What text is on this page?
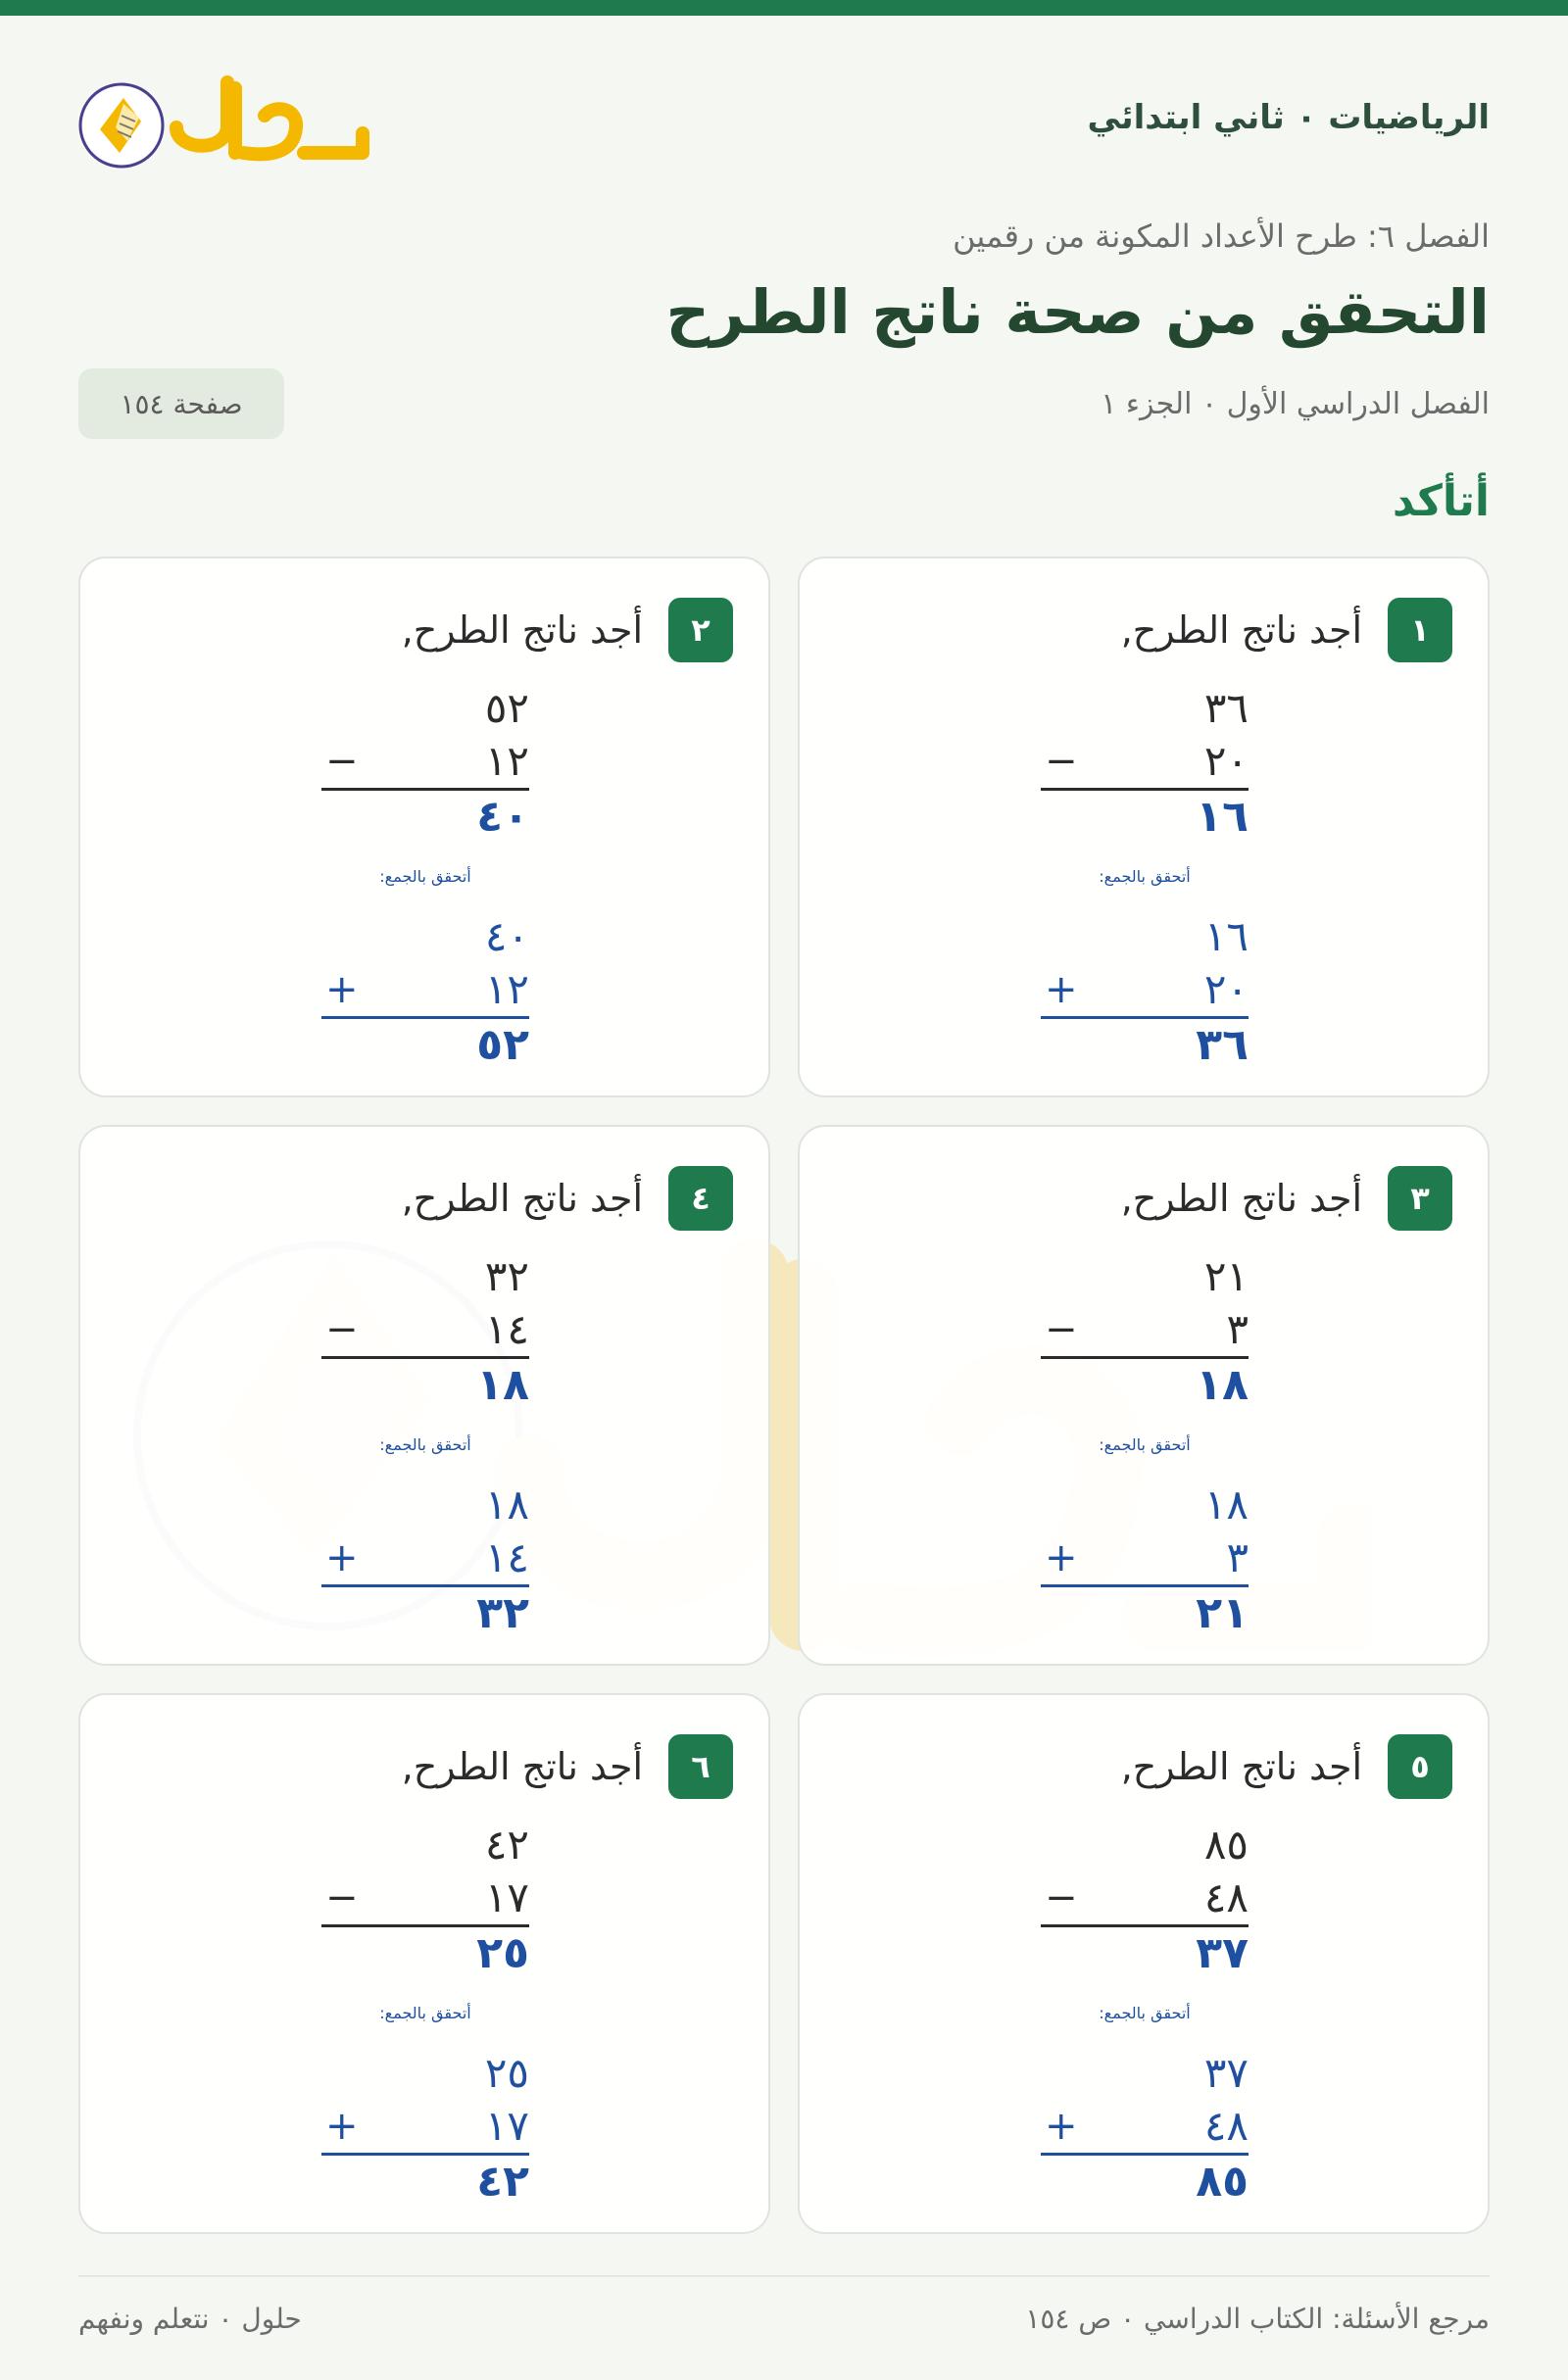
الرياضيات ٠ ثاني ابتدائي
الفصل ٦: طرح الأعداد المكونة من رقمين
التحقق من صحة ناتج الطرح
الفصل الدراسي الأول ٠ الجزء ١
صفحة ١٥٤
أتأكد
١
أجد ناتج الطرح,
٣٦
٢٠
−
١٦
أتحقق بالجمع:
١٦
٢٠
+
٣٦
٢
أجد ناتج الطرح,
٥٢
١٢
−
٤٠
أتحقق بالجمع:
٤٠
١٢
+
٥٢
٣
أجد ناتج الطرح,
٢١
٣
−
١٨
أتحقق بالجمع:
١٨
٣
+
٢١
٤
أجد ناتج الطرح,
٣٢
١٤
−
١٨
أتحقق بالجمع:
١٨
١٤
+
٣٢
٥
أجد ناتج الطرح,
٨٥
٤٨
−
٣٧
أتحقق بالجمع:
٣٧
٤٨
+
٨٥
٦
أجد ناتج الطرح,
٤٢
١٧
−
٢٥
أتحقق بالجمع:
٢٥
١٧
+
٤٢
مرجع الأسئلة: الكتاب الدراسي ٠ ص ١٥٤
حلول ٠ نتعلم ونفهم
